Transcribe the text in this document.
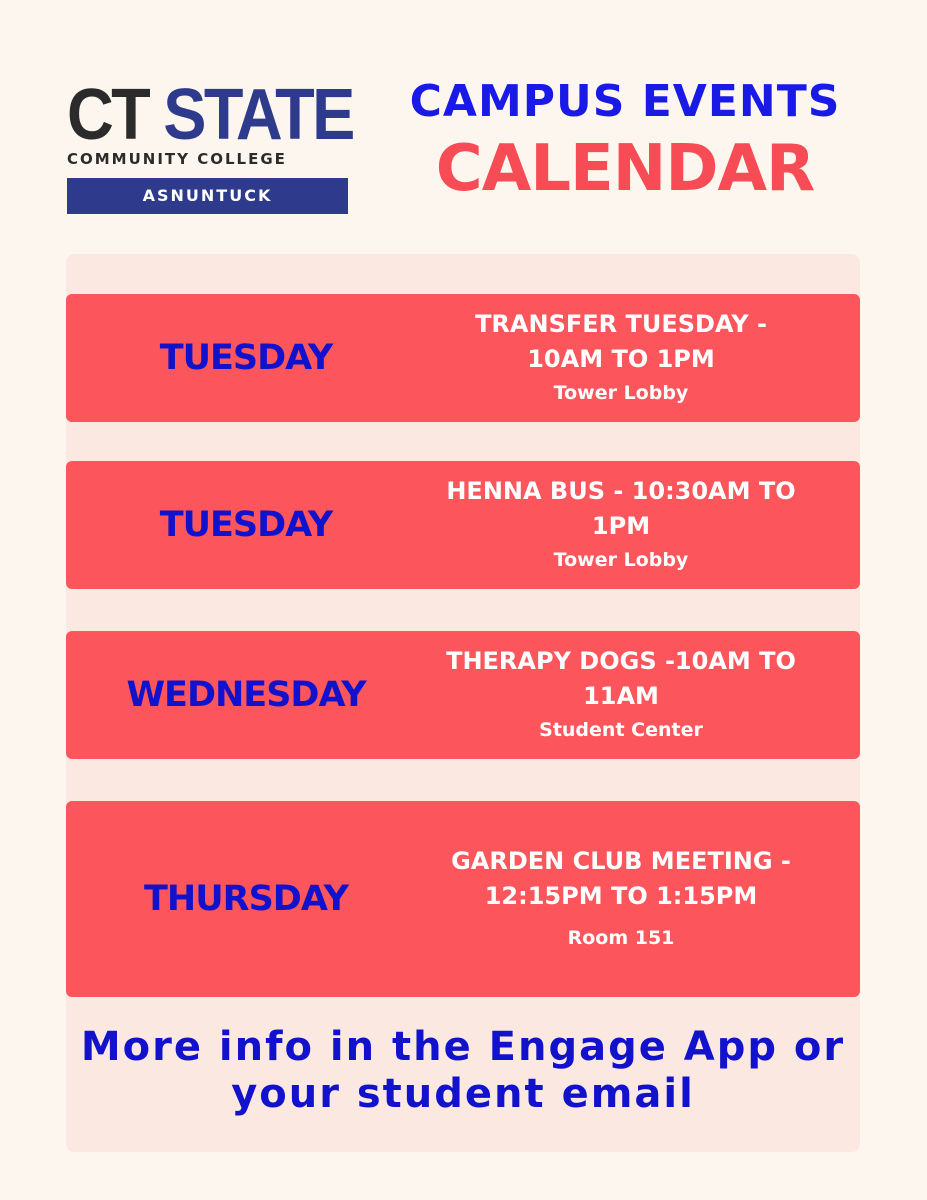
CT STATE
COMMUNITY COLLEGE
ASNUNTUCK
CAMPUS EVENTS
CALENDAR
TUESDAY
TRANSFER TUESDAY - 10AM TO 1PM
Tower Lobby
TUESDAY
HENNA BUS - 10:30AM TO 1PM
Tower Lobby
WEDNESDAY
THERAPY DOGS -10AM TO 11AM
Student Center
THURSDAY
GARDEN CLUB MEETING - 12:15PM TO 1:15PM
Room 151
More info in the Engage App or your student email
